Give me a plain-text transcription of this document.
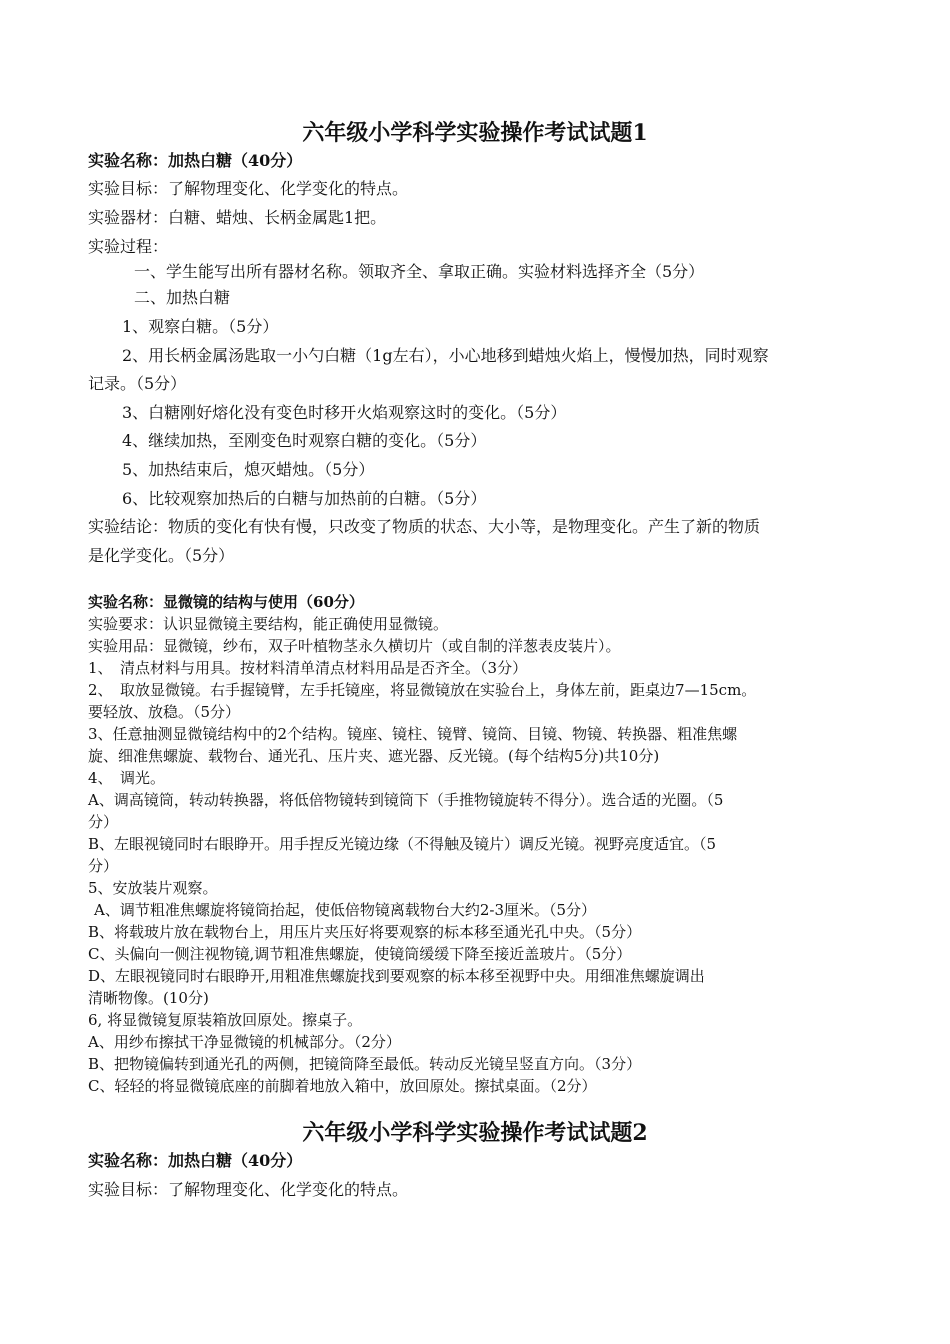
六年级小学科学实验操作考试试题1
实验名称：加热白糖（40分）
实验目标：了解物理变化、化学变化的特点。
实验器材：白糖、蜡烛、长柄金属匙1把。
实验过程：
一、学生能写出所有器材名称。领取齐全、拿取正确。实验材料选择齐全（5分）
二、加热白糖
1、观察白糖。（5分）
2、用长柄金属汤匙取一小勺白糖（1g左右），小心地移到蜡烛火焰上，慢慢加热，同时观察
记录。（5分）
3、白糖刚好熔化没有变色时移开火焰观察这时的变化。（5分）
4、继续加热，至刚变色时观察白糖的变化。（5分）
5、加热结束后，熄灭蜡烛。（5分）
6、比较观察加热后的白糖与加热前的白糖。（5分）
实验结论：物质的变化有快有慢，只改变了物质的状态、大小等，是物理变化。产生了新的物质
是化学变化。（5分）
实验名称：显微镜的结构与使用（60分）
实验要求：认识显微镜主要结构，能正确使用显微镜。
实验用品：显微镜，纱布，双子叶植物茎永久横切片（或自制的洋葱表皮装片）。
1、　清点材料与用具。按材料清单清点材料用品是否齐全。（3分）
2、　取放显微镜。右手握镜臂，左手托镜座，将显微镜放在实验台上，身体左前，距桌边7—15cm。
要轻放、放稳。（5分）
3、任意抽测显微镜结构中的2个结构。镜座、镜柱、镜臂、镜筒、目镜、物镜、转换器、粗准焦螺
旋、细准焦螺旋、载物台、通光孔、压片夹、遮光器、反光镜。(每个结构5分)共10分)
4、　调光。
A、调高镜筒，转动转换器，将低倍物镜转到镜筒下（手推物镜旋转不得分）。选合适的光圈。（5
分）
B、左眼视镜同时右眼睁开。用手捏反光镜边缘（不得触及镜片）调反光镜。视野亮度适宜。（5
分）
5、安放装片观察。
A、调节粗准焦螺旋将镜筒抬起，使低倍物镜离载物台大约2-3厘米。（5分）
B、将载玻片放在载物台上，用压片夹压好将要观察的标本移至通光孔中央。（5分）
C、头偏向一侧注视物镜,调节粗准焦螺旋，使镜筒缓缓下降至接近盖玻片。（5分）
D、左眼视镜同时右眼睁开,用粗准焦螺旋找到要观察的标本移至视野中央。用细准焦螺旋调出
清晰物像。(10分)
6, 将显微镜复原装箱放回原处。擦桌子。
A、用纱布擦拭干净显微镜的机械部分。（2分）
B、把物镜偏转到通光孔的两侧，把镜筒降至最低。转动反光镜呈竖直方向。（3分）
C、轻轻的将显微镜底座的前脚着地放入箱中，放回原处。擦拭桌面。（2分）
六年级小学科学实验操作考试试题2
实验名称：加热白糖（40分）
实验目标：了解物理变化、化学变化的特点。
